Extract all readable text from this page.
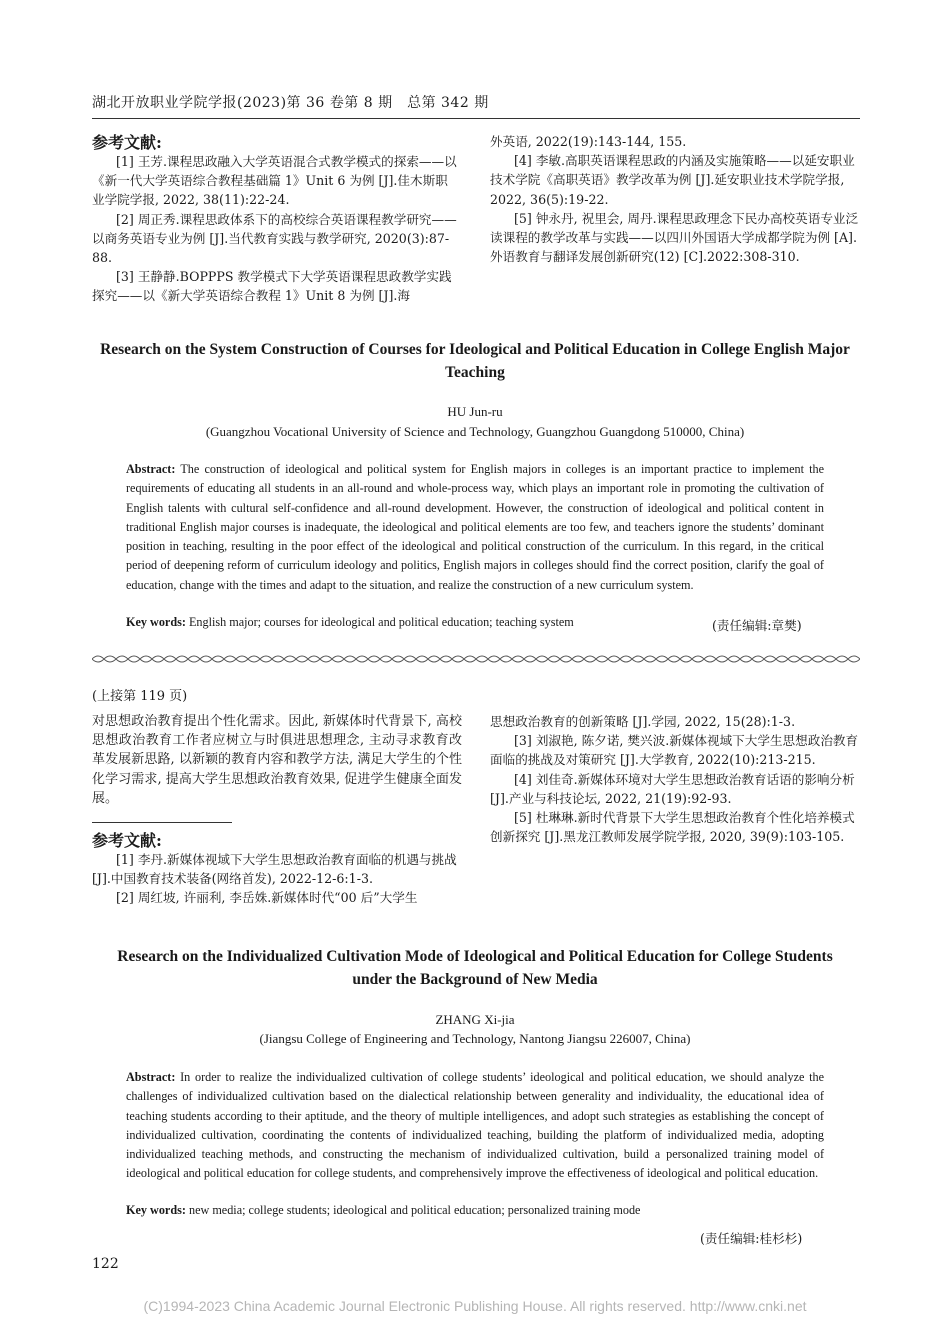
湖北开放职业学院学报(2023)第 36 卷第 8 期　总第 342 期
参考文献:

[1] 王芳.课程思政融入大学英语混合式教学模式的探索——以《新一代大学英语综合教程基础篇 1》Unit 6 为例 [J].佳木斯职业学院学报, 2022, 38(11):22-24.

[2] 周正秀.课程思政体系下的高校综合英语课程教学研究——以商务英语专业为例 [J].当代教育实践与教学研究, 2020(3):87-88.

[3] 王静静.BOPPPS 教学模式下大学英语课程思政教学实践探究——以《新大学英语综合教程 1》Unit 8 为例 [J].海

外英语, 2022(19):143-144, 155.

[4] 李敏.高职英语课程思政的内涵及实施策略——以延安职业技术学院《高职英语》教学改革为例 [J].延安职业技术学院学报, 2022, 36(5):19-22.

[5] 钟永丹, 祝里会, 周丹.课程思政理念下民办高校英语专业泛读课程的教学改革与实践——以四川外国语大学成都学院为例 [A].外语教育与翻译发展创新研究(12) [C].2022:308-310.

Research on the System Construction of Courses for Ideological and Political Education in College English Major Teaching
HU Jun-ru
(Guangzhou Vocational University of Science and Technology, Guangzhou Guangdong 510000, China)
Abstract: The construction of ideological and political system for English majors in colleges is an important practice to implement the requirements of educating all students in an all-round and whole-process way, which plays an important role in promoting the cultivation of English talents with cultural self-confidence and all-round development. However, the construction of ideological and political content in traditional English major courses is inadequate, the ideological and political elements are too few, and teachers ignore the students’ dominant position in teaching, resulting in the poor effect of the ideological and political construction of the curriculum. In this regard, in the critical period of deepening reform of curriculum ideology and politics, English majors in colleges should find the correct position, clarify the goal of education, change with the times and adapt to the situation, and realize the construction of a new curriculum system.
Key words: English major; courses for ideological and political education; teaching system	(责任编辑:章樊)
(上接第 119 页)
对思想政治教育提出个性化需求。因此, 新媒体时代背景下, 高校思想政治教育工作者应树立与时俱进思想理念, 主动寻求教育改革发展新思路, 以新颖的教育内容和教学方法, 满足大学生的个性化学习需求, 提高大学生思想政治教育效果, 促进学生健康全面发展。
参考文献:

[1] 李丹.新媒体视域下大学生思想政治教育面临的机遇与挑战 [J].中国教育技术装备(网络首发), 2022-12-6:1-3.

[2] 周红坡, 许丽利, 李岳姝.新媒体时代“00 后”大学生

思想政治教育的创新策略 [J].学园, 2022, 15(28):1-3.

[3] 刘淑艳, 陈夕诺, 樊兴波.新媒体视域下大学生思想政治教育面临的挑战及对策研究 [J].大学教育, 2022(10):213-215.

[4] 刘佳奇.新媒体环境对大学生思想政治教育话语的影响分析 [J].产业与科技论坛, 2022, 21(19):92-93.

[5] 杜琳琳.新时代背景下大学生思想政治教育个性化培养模式创新探究 [J].黑龙江教师发展学院学报, 2020, 39(9):103-105.

Research on the Individualized Cultivation Mode of Ideological and Political Education for College Students under the Background of New Media
ZHANG Xi-jia
(Jiangsu College of Engineering and Technology, Nantong Jiangsu 226007, China)
Abstract: In order to realize the individualized cultivation of college students’ ideological and political education, we should analyze the challenges of individualized cultivation based on the dialectical relationship between generality and individuality, the educational idea of teaching students according to their aptitude, and the theory of multiple intelligences, and adopt such strategies as establishing the concept of individualized cultivation, coordinating the contents of individualized teaching, building the platform of individualized media, adopting individualized teaching methods, and constructing the mechanism of individualized cultivation, build a personalized training model of ideological and political education for college students, and comprehensively improve the effectiveness of ideological and political education.
Key words: new media; college students; ideological and political education; personalized training mode
(责任编辑:桂杉杉)
122
(C)1994-2023 China Academic Journal Electronic Publishing House. All rights reserved. http://www.cnki.net
